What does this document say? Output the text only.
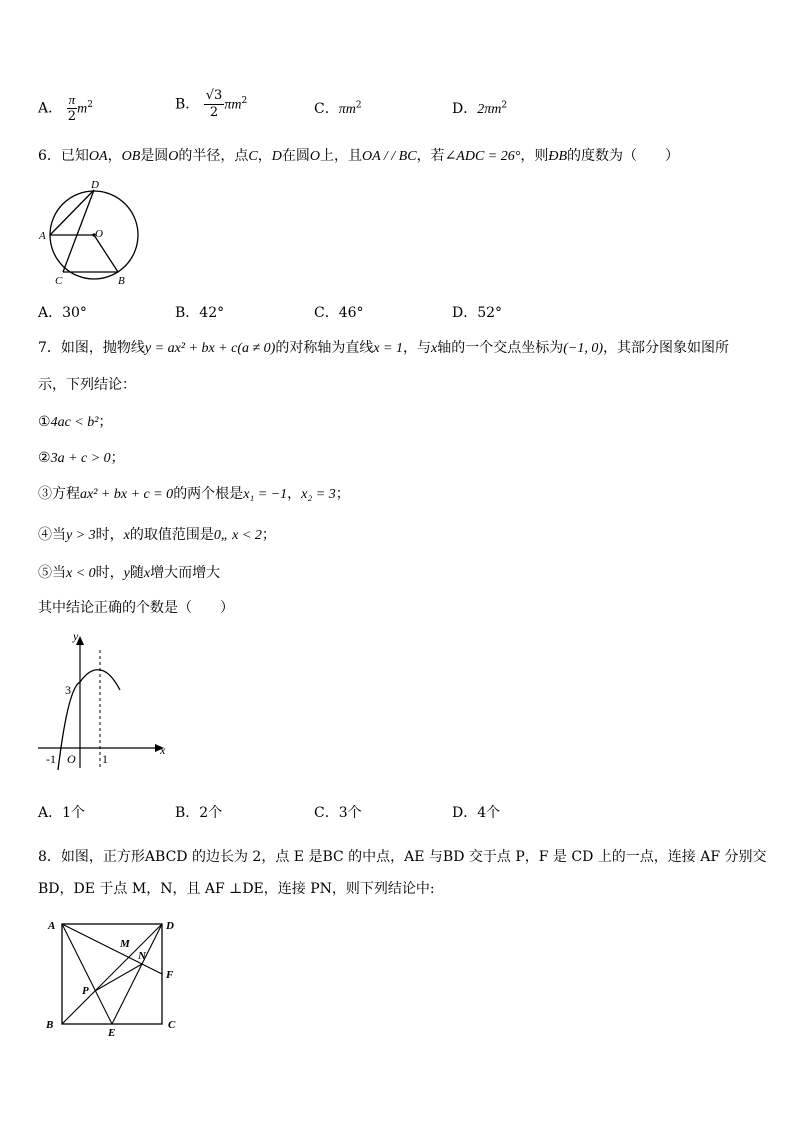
A． $\frac{\pi}{2} m^2$	B． $\frac{√3}{2} \pi m^2$
C．$\pi m^2$	D．$2\pi m^2$
6．已知OA，OB是圆O的半径，点C，D在圆O上，且OA / / BC，若∠ADC = 26°，则ÐB的度数为（　　）
D
A	O
C	B
A．30°	B．42°	C．46°	D．52°
7．如图，抛物线y = ax² + bx + c(a ≠ 0)的对称轴为直线x = 1，与x轴的一个交点坐标为(−1, 0)，其部分图象如图所
示，下列结论：
①4ac < b²；
②3a + c > 0；
③方程ax² + bx + c = 0的两个根是x₁ = −1，x₂ = 3；
④当y > 3时，x的取值范围是0„ x < 2；
⑤当x < 0时，y随x增大而增大
其中结论正确的个数是（　　）
y
x
3
-1 O 1
A．1个	B．2个	C．3个	D．4个
8．如图，正方形ABCD 的边长为 2，点 E 是BC 的中点，AE 与BD 交于点 P，F 是 CD 上的一点，连接 AF 分别交
BD，DE 于点 M，N，且 AF ⊥DE，连接 PN，则下列结论中:
A	D
M
N
F
P
B
E
C
